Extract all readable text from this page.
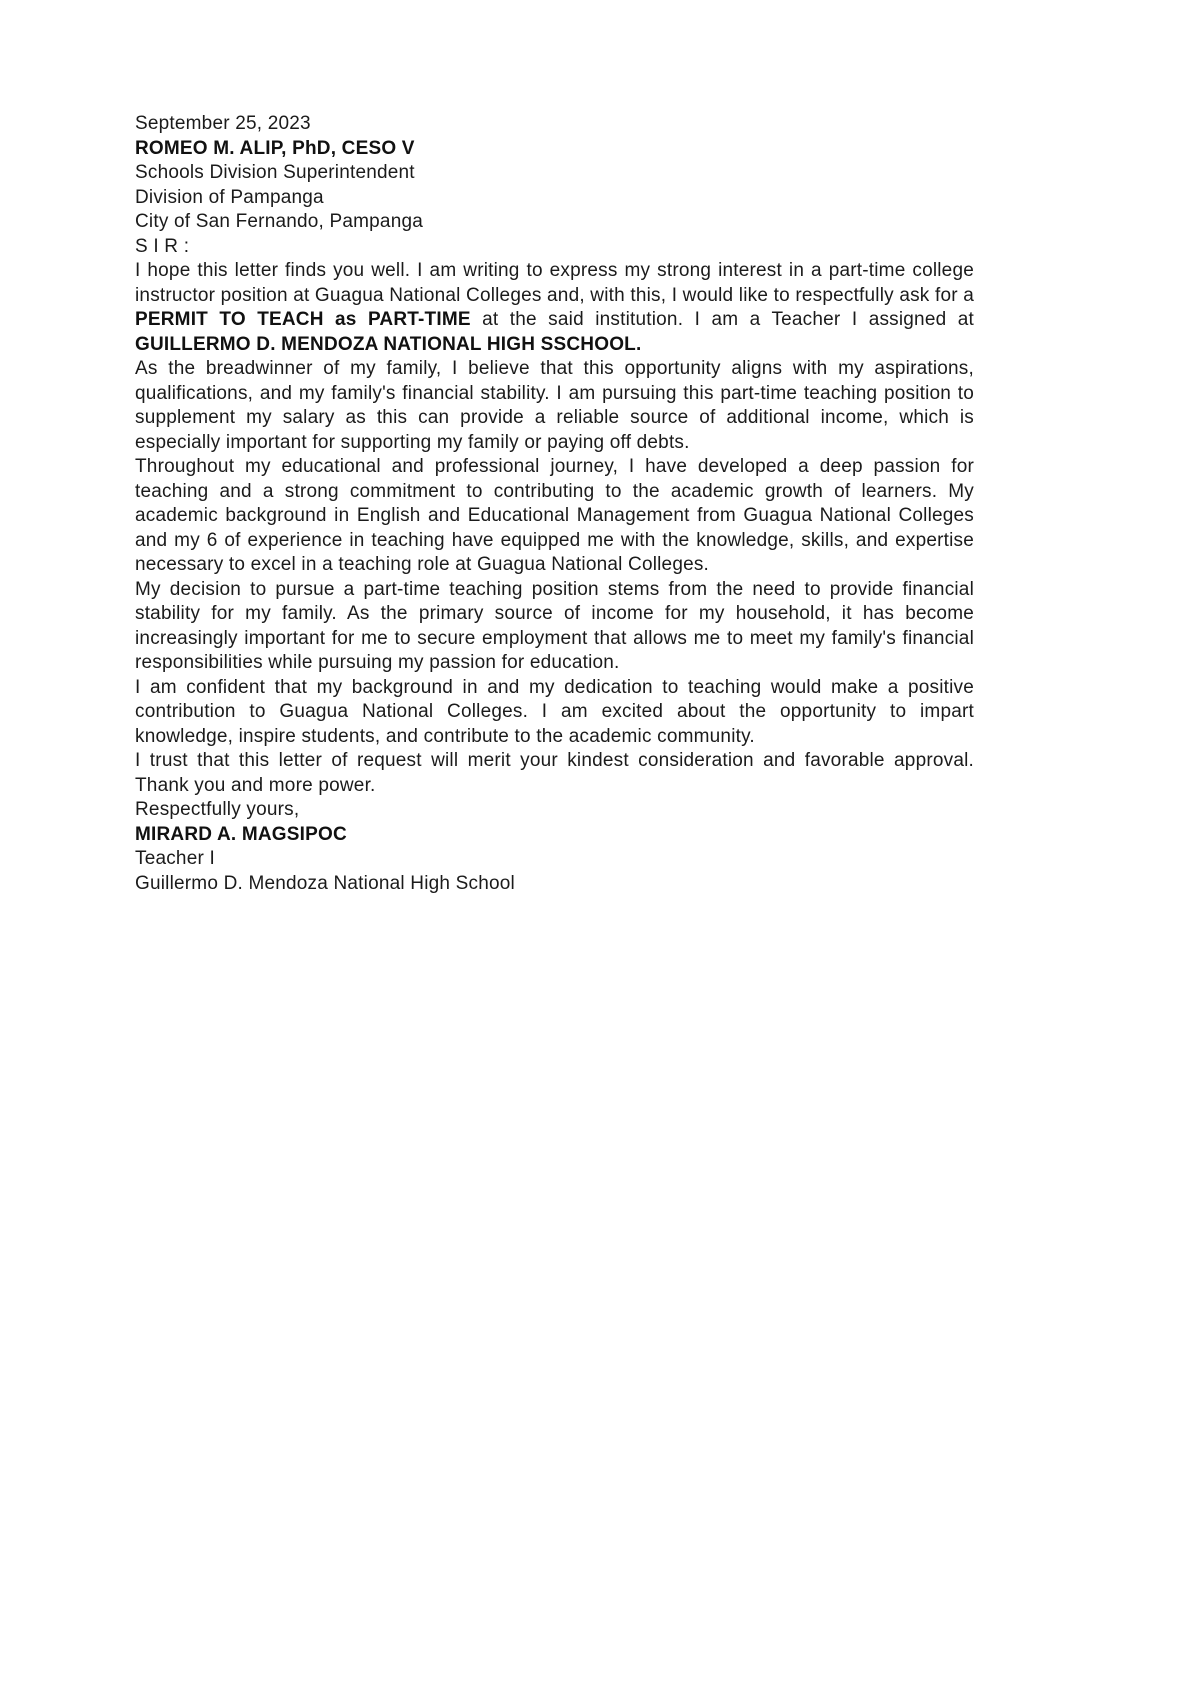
September 25, 2023

ROMEO M. ALIP, PhD, CESO V

Schools Division Superintendent

Division of Pampanga

City of San Fernando, Pampanga

S I R :

I hope this letter finds you well. I am writing to express my strong interest in a part-time college instructor position at Guagua National Colleges and, with this, I would like to respectfully ask for a PERMIT TO TEACH as PART-TIME at the said institution. I am a Teacher I assigned at GUILLERMO D. MENDOZA NATIONAL HIGH SSCHOOL.

As the breadwinner of my family, I believe that this opportunity aligns with my aspirations, qualifications, and my family's financial stability. I am pursuing this part-time teaching position to supplement my salary as this can provide a reliable source of additional income, which is especially important for supporting my family or paying off debts.

Throughout my educational and professional journey, I have developed a deep passion for teaching and a strong commitment to contributing to the academic growth of learners. My academic background in English and Educational Management from Guagua National Colleges and my 6 of experience in teaching have equipped me with the knowledge, skills, and expertise necessary to excel in a teaching role at Guagua National Colleges.

My decision to pursue a part-time teaching position stems from the need to provide financial stability for my family. As the primary source of income for my household, it has become increasingly important for me to secure employment that allows me to meet my family's financial responsibilities while pursuing my passion for education.

I am confident that my background in and my dedication to teaching would make a positive contribution to Guagua National Colleges. I am excited about the opportunity to impart knowledge, inspire students, and contribute to the academic community.

I trust that this letter of request will merit your kindest consideration and favorable approval. Thank you and more power.

Respectfully yours,

MIRARD A. MAGSIPOC

Teacher I

Guillermo D. Mendoza National High School
